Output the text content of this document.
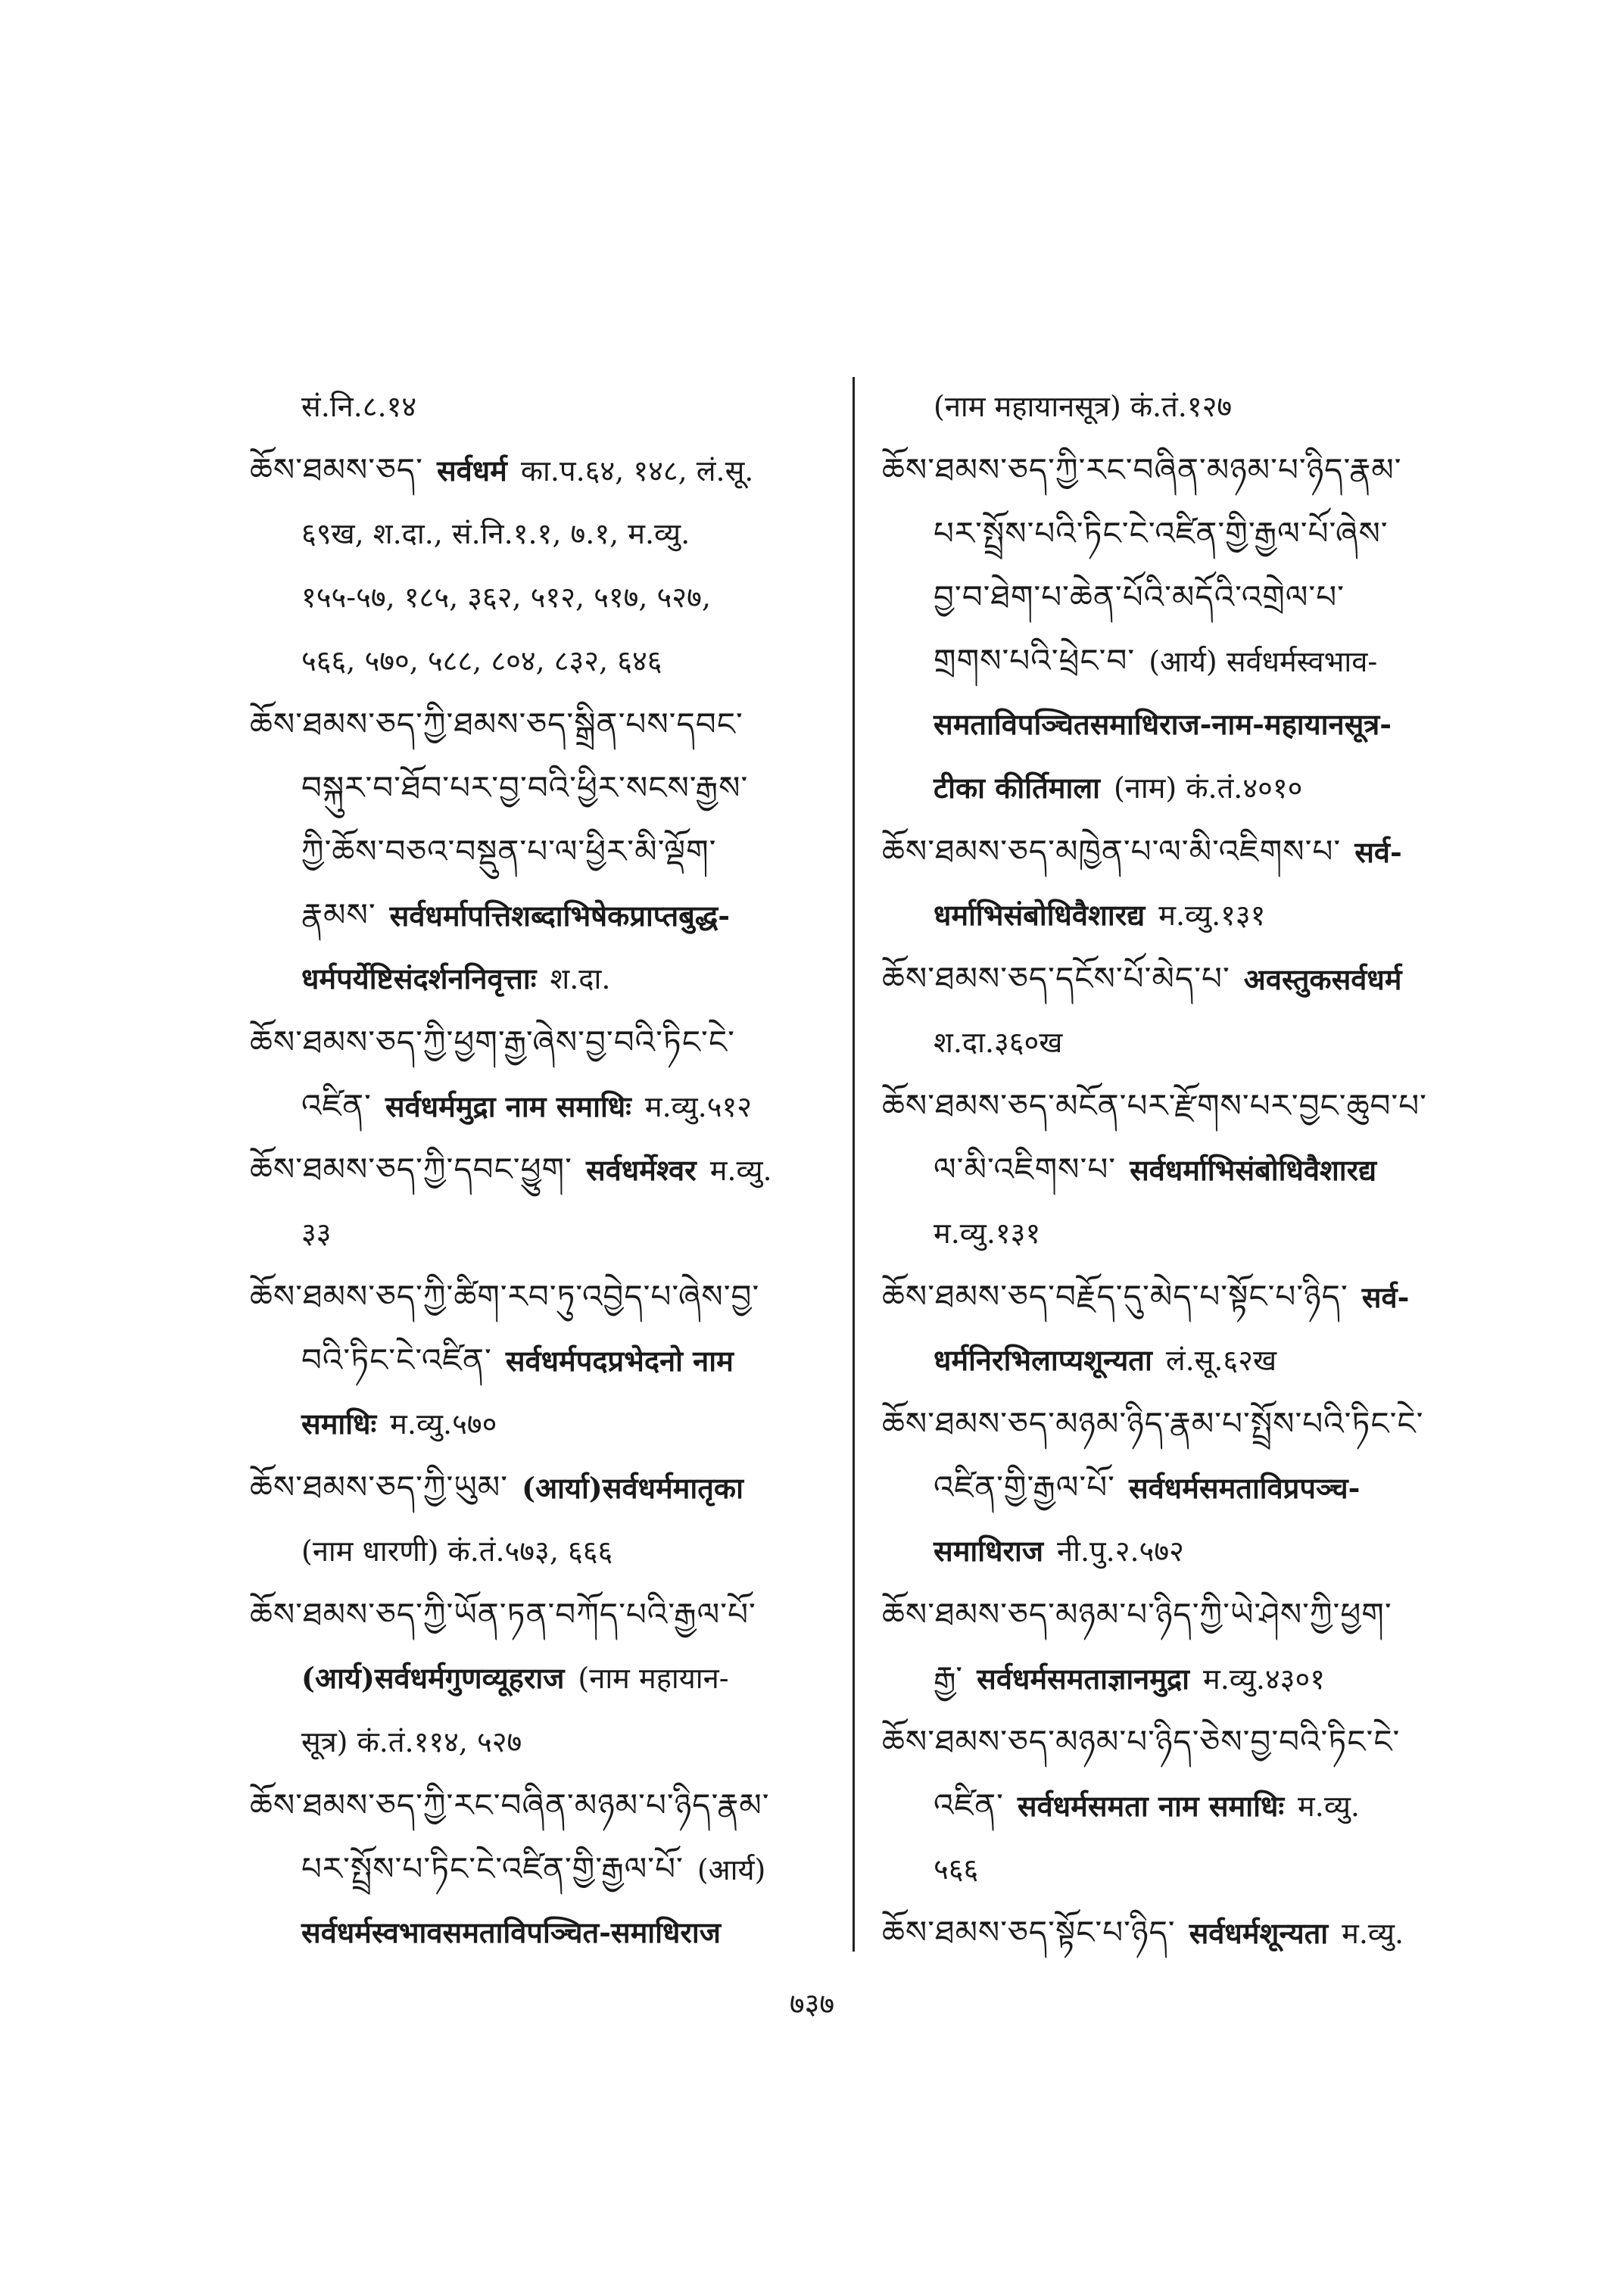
सं.नि.८.१४
ཆོས་ཐམས་ཅད་ सर्वधर्म का.प.६४, १४८, लं.सू.
६९ख, श.दा., सं.नि.१.१, ७.१, म.व्यु.
१५५-५७, १८५, ३६२, ५१२, ५१७, ५२७,
५६६, ५७०, ५८८, ८०४, ८३२, ६४६
ཆོས་ཐམས་ཅད་ཀྱི་ཐམས་ཅད་སྒྲིན་པས་དབང་
བསྐུར་བ་ཐོབ་པར་བྱ་བའི་ཕྱིར་སངས་རྒྱས་
ཀྱི་ཆོས་བཅའ་བསྡུན་པ་ལ་ཕྱིར་མི་ལྡོག་
རྣམས་ सर्वधर्मापत्तिशब्दाभिषेकप्राप्तबुद्ध-
धर्मपर्येष्टिसंदर्शननिवृत्ताः श.दा.
ཆོས་ཐམས་ཅད་ཀྱི་ཕྱག་རྒྱ་ཞེས་བྱ་བའི་ཏིང་ངེ་
འཛིན་ सर्वधर्ममुद्रा नाम समाधिः म.व्यु.५१२
ཆོས་ཐམས་ཅད་ཀྱི་དབང་ཕྱུག་ सर्वधर्मेश्वर म.व्यु.
३३
ཆོས་ཐམས་ཅད་ཀྱི་ཚིག་རབ་ཏུ་འབྱེད་པ་ཞེས་བྱ་
བའི་ཏིང་ངེ་འཛིན་ सर्वधर्मपदप्रभेदनो नाम
समाधिः म.व्यु.५७०
ཆོས་ཐམས་ཅད་ཀྱི་ཡུམ་ (आर्या)सर्वधर्ममातृका
(नाम धारणी) कं.तं.५७३, ६६६
ཆོས་ཐམས་ཅད་ཀྱི་ཡོན་ཏན་བཀོད་པའི་རྒྱལ་པོ་
(आर्य)सर्वधर्मगुणव्यूहराज (नाम महायान-
सूत्र) कं.तं.११४, ५२७
ཆོས་ཐམས་ཅད་ཀྱི་རང་བཞིན་མཉམ་པ་ཉིད་རྣམ་
པར་སྤྲོས་པ་ཏིང་ངེ་འཛིན་གྱི་རྒྱལ་པོ་ (आर्य)
सर्वधर्मस्वभावसमताविपञ्चित-समाधिराज
(नाम महायानसूत्र) कं.तं.१२७
ཆོས་ཐམས་ཅད་ཀྱི་རང་བཞིན་མཉམ་པ་ཉིད་རྣམ་
པར་སྤྲོས་པའི་ཏིང་ངེ་འཛིན་གྱི་རྒྱལ་པོ་ཞེས་
བྱ་བ་ཐེག་པ་ཆེན་པོའི་མདོའི་འགྲེལ་པ་
གྲགས་པའི་ཕྲེང་བ་ (आर्य) सर्वधर्मस्वभाव-
समताविपञ्चितसमाधिराज-नाम-महायानसूत्र-
टीका कीर्तिमाला (नाम) कं.तं.४०१०
ཆོས་ཐམས་ཅད་མཁྱེན་པ་ལ་མི་འཇིགས་པ་ सर्व-
धर्माभिसंबोधिवैशारद्य म.व्यु.१३१
ཆོས་ཐམས་ཅད་དངོས་པོ་མེད་པ་ अवस्तुकसर्वधर्म
श.दा.३६०ख
ཆོས་ཐམས་ཅད་མངོན་པར་རྫོགས་པར་བྱང་ཆུབ་པ་
ལ་མི་འཇིགས་པ་ सर्वधर्माभिसंबोधिवैशारद्य
म.व्यु.१३१
ཆོས་ཐམས་ཅད་བརྗོད་དུ་མེད་པ་སྟོང་པ་ཉིད་ सर्व-
धर्मनिरभिलाप्यशून्यता लं.सू.६२ख
ཆོས་ཐམས་ཅད་མཉམ་ཉིད་རྣམ་པ་སྤྲོས་པའི་ཏིང་ངེ་
འཛིན་གྱི་རྒྱལ་པོ་ सर्वधर्मसमताविप्रपञ्च-
समाधिराज नी.पु.२.५७२
ཆོས་ཐམས་ཅད་མཉམ་པ་ཉིད་ཀྱི་ཡེ་ཤེས་ཀྱི་ཕྱག་
རྒྱ་ सर्वधर्मसमताज्ञानमुद्रा म.व्यु.४३०१
ཆོས་ཐམས་ཅད་མཉམ་པ་ཉིད་ཅེས་བྱ་བའི་ཏིང་ངེ་
འཛིན་ सर्वधर्मसमता नाम समाधिः म.व्यु.
५६६
ཆོས་ཐམས་ཅད་སྟོང་པ་ཉིད་ सर्वधर्मशून्यता म.व्यु.
७३७
